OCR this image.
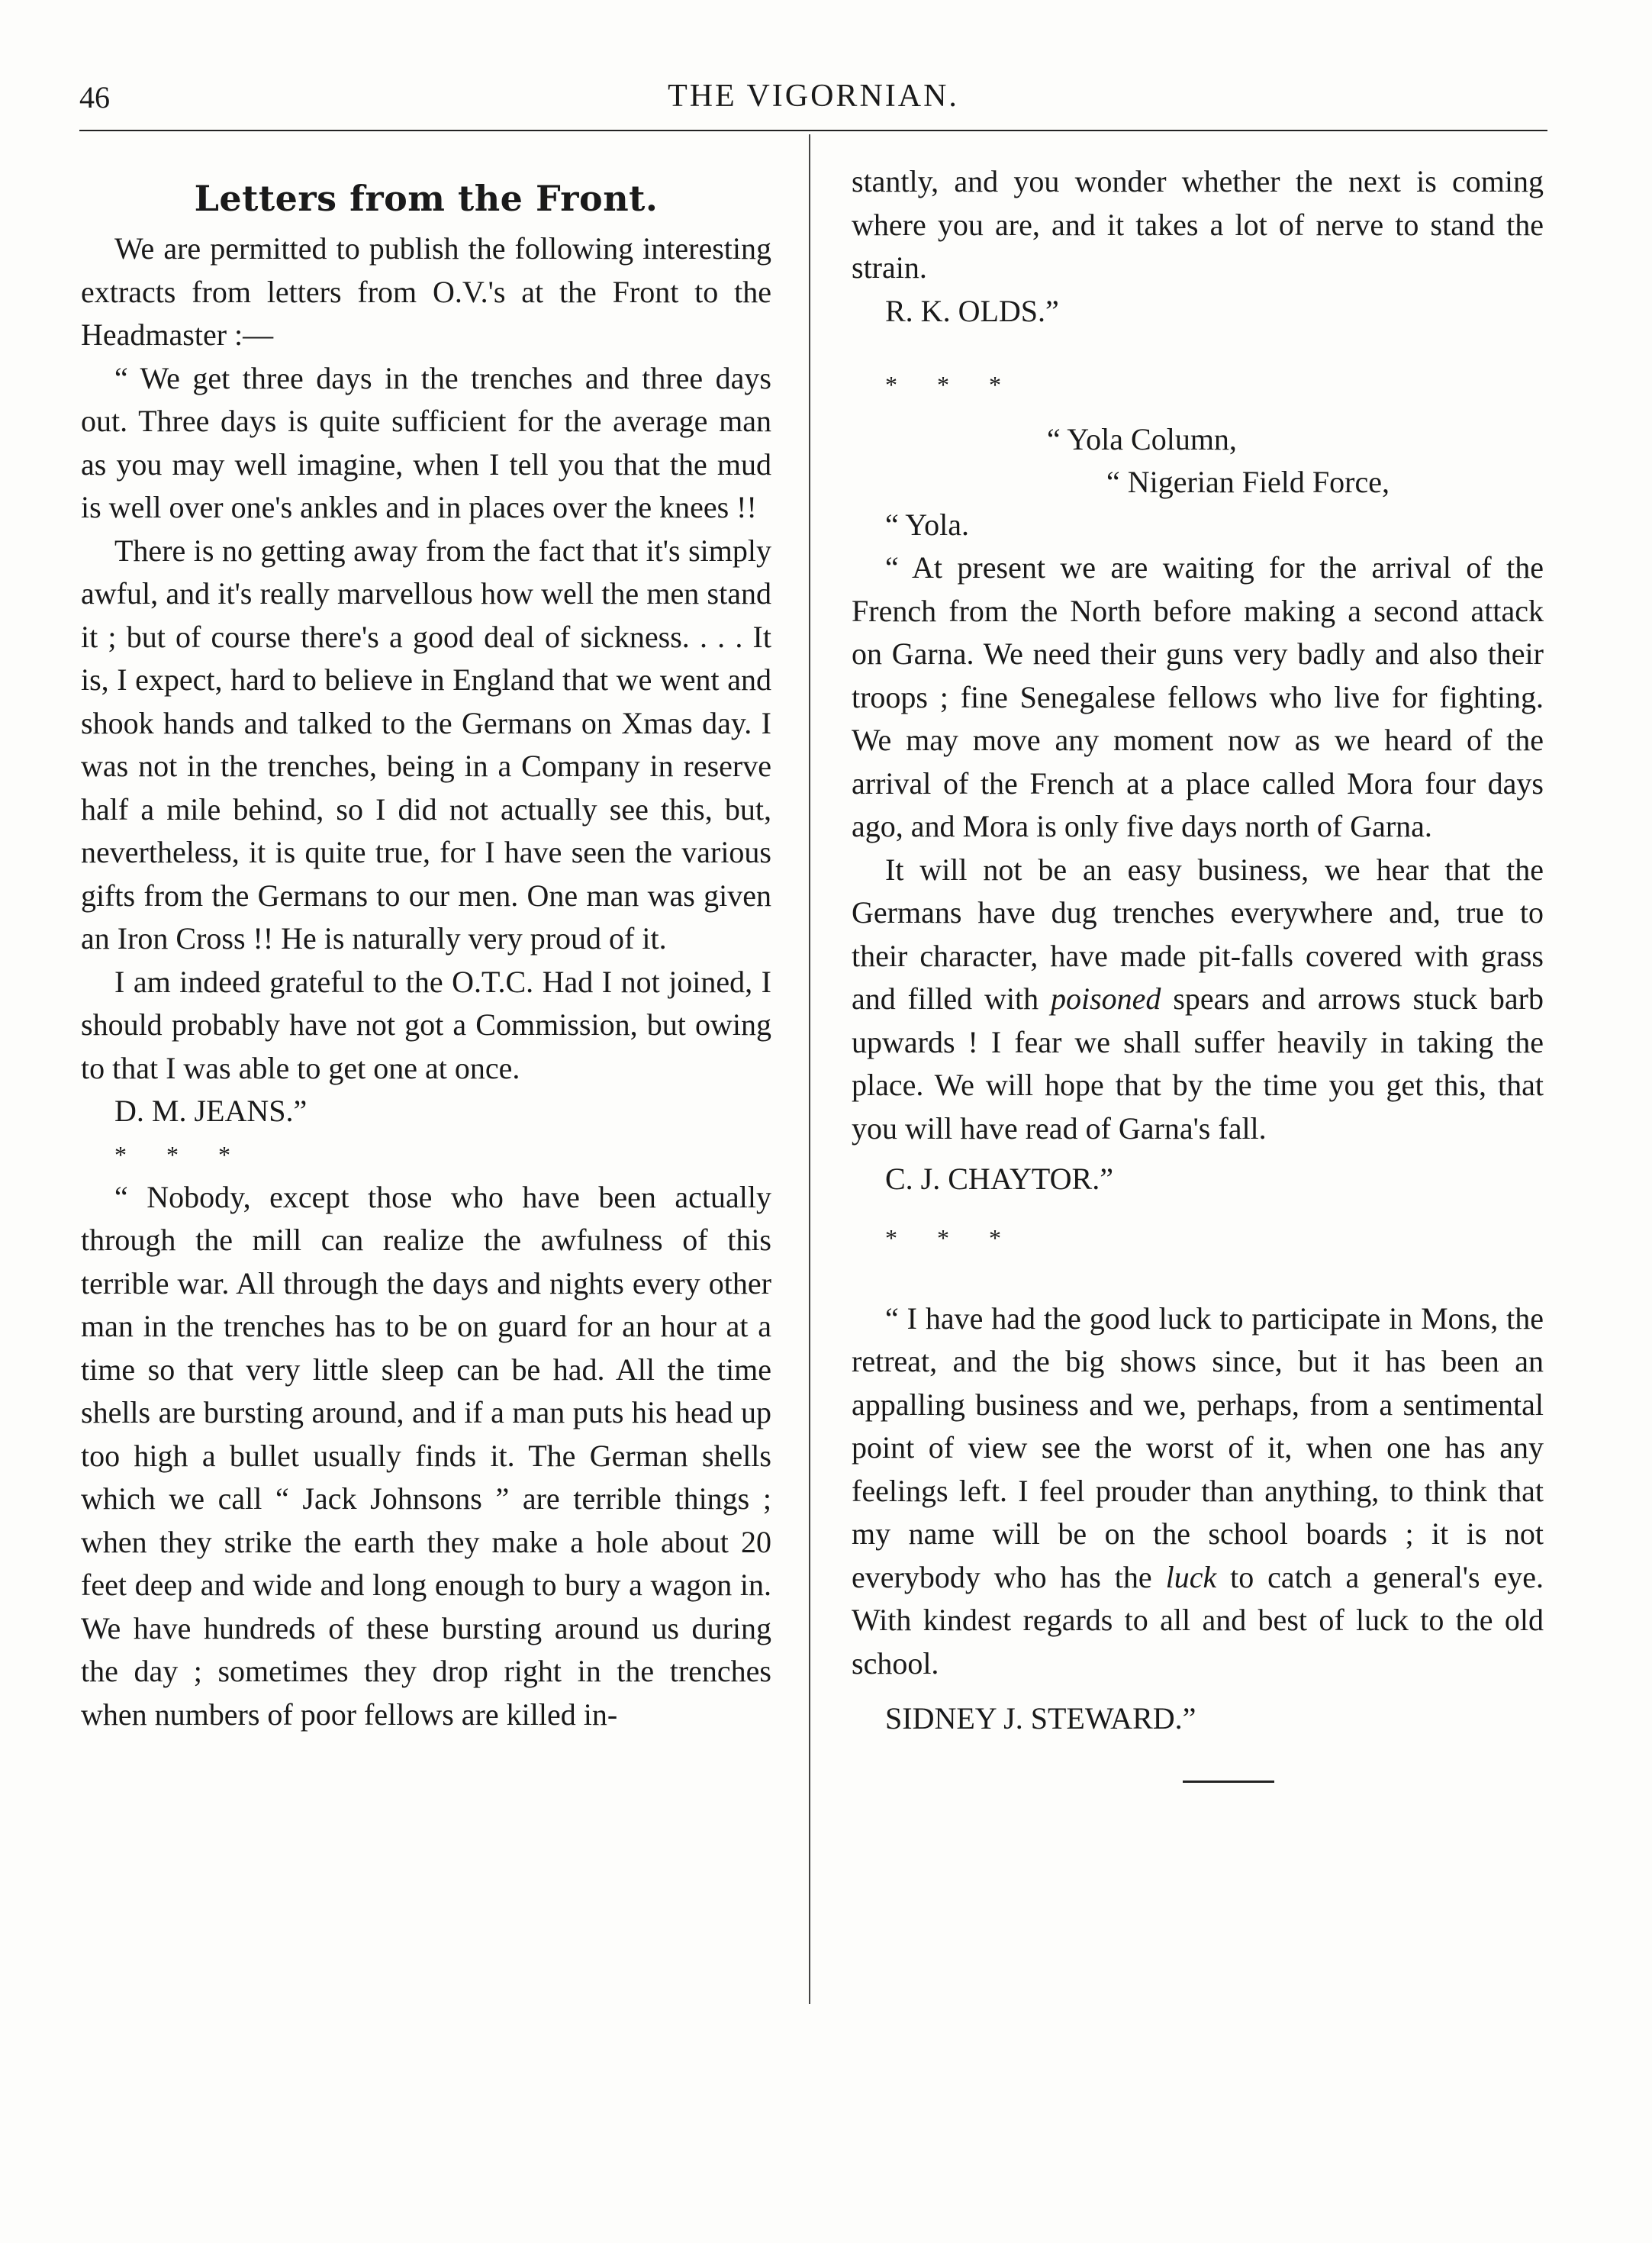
46	THE VIGORNIAN.
Letters from the Front.

We are permitted to publish the following interesting extracts from letters from O.V.'s at the Front to the Headmaster :—

“ We get three days in the trenches and three days out. Three days is quite sufficient for the average man as you may well imagine, when I tell you that the mud is well over one's ankles and in places over the knees !!

There is no getting away from the fact that it's simply awful, and it's really marvellous how well the men stand it ; but of course there's a good deal of sickness. . . . It is, I expect, hard to believe in England that we went and shook hands and talked to the Germans on Xmas day. I was not in the trenches, being in a Company in reserve half a mile behind, so I did not actually see this, but, nevertheless, it is quite true, for I have seen the various gifts from the Germans to our men. One man was given an Iron Cross !! He is naturally very proud of it.

I am indeed grateful to the O.T.C. Had I not joined, I should probably have not got a Commission, but owing to that I was able to get one at once.

D. M. JEANS.”

* * *

“ Nobody, except those who have been actually through the mill can realize the awfulness of this terrible war. All through the days and nights every other man in the trenches has to be on guard for an hour at a time so that very little sleep can be had. All the time shells are bursting around, and if a man puts his head up too high a bullet usually finds it. The German shells which we call “ Jack Johnsons ” are terrible things ; when they strike the earth they make a hole about 20 feet deep and wide and long enough to bury a wagon in. We have hundreds of these bursting around us during the day ; sometimes they drop right in the trenches when numbers of poor fellows are killed in-

stantly, and you wonder whether the next is coming where you are, and it takes a lot of nerve to stand the strain.

R. K. OLDS.”

* * *

“ Yola Column,

“ Nigerian Field Force,

“ Yola.

“ At present we are waiting for the arrival of the French from the North before making a second attack on Garna. We need their guns very badly and also their troops ; fine Senegalese fellows who live for fighting. We may move any moment now as we heard of the arrival of the French at a place called Mora four days ago, and Mora is only five days north of Garna.

It will not be an easy business, we hear that the Germans have dug trenches everywhere and, true to their character, have made pit-falls covered with grass and filled with poisoned spears and arrows stuck barb upwards ! I fear we shall suffer heavily in taking the place. We will hope that by the time you get this, that you will have read of Garna's fall.

C. J. CHAYTOR.”

* * *

“ I have had the good luck to participate in Mons, the retreat, and the big shows since, but it has been an appalling business and we, perhaps, from a sentimental point of view see the worst of it, when one has any feelings left. I feel prouder than anything, to think that my name will be on the school boards ; it is not everybody who has the luck to catch a general's eye. With kindest regards to all and best of luck to the old school.

SIDNEY J. STEWARD.”
